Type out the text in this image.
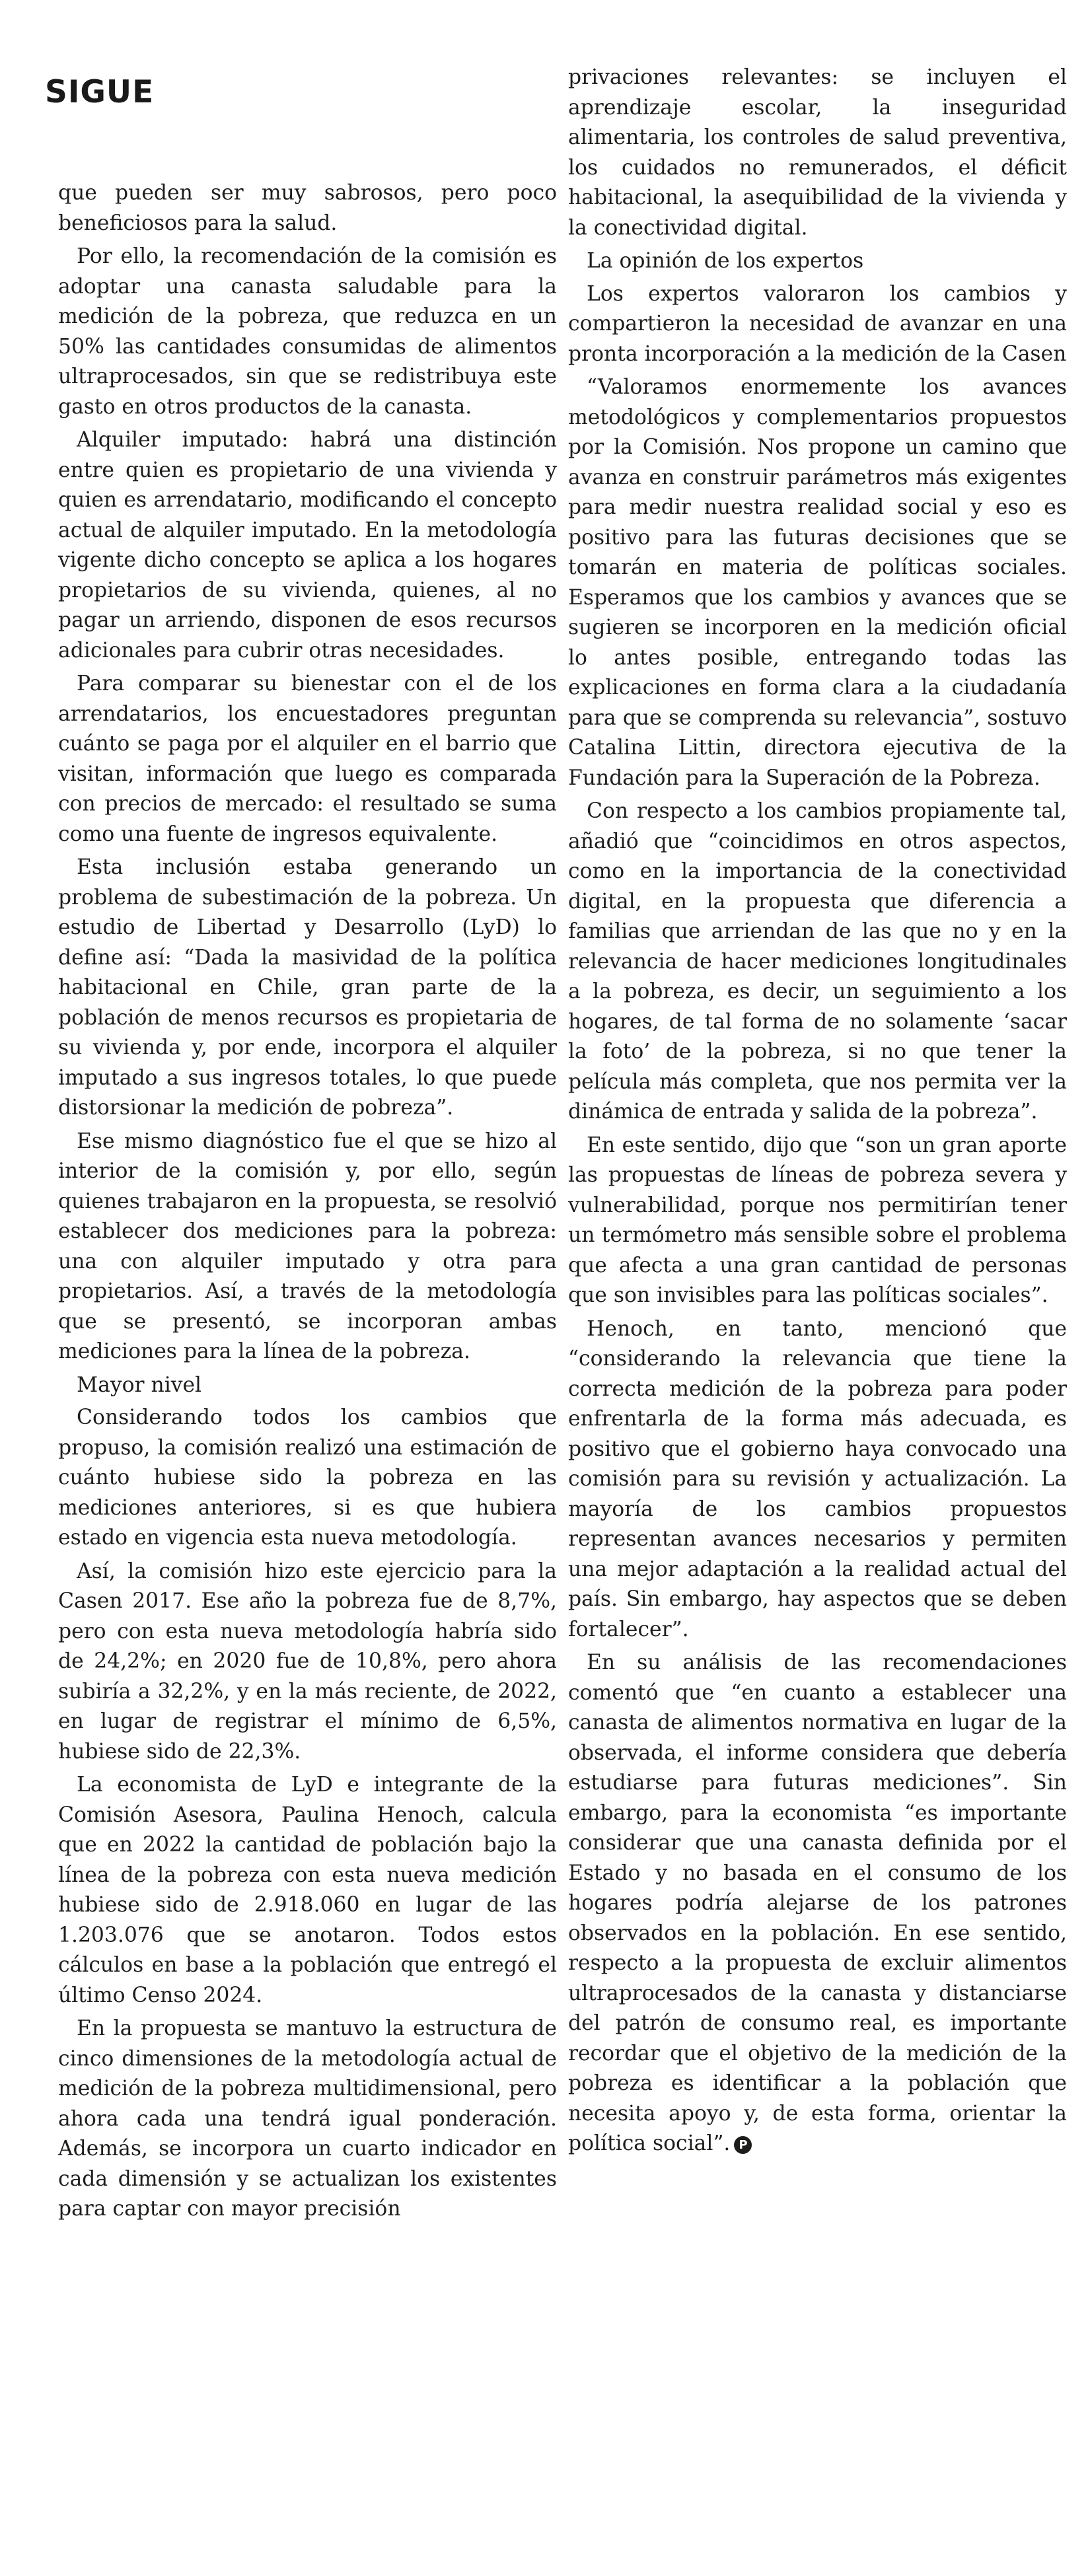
SIGUE

que pueden ser muy sabrosos, pero poco beneficiosos para la salud.

Por ello, la recomendación de la comisión es adoptar una canasta saludable para la medición de la pobreza, que reduzca en un 50% las cantidades consumidas de alimentos ultraprocesados, sin que se redistribuya este gasto en otros productos de la canasta.

Alquiler imputado: habrá una distinción entre quien es propietario de una vivienda y quien es arrendatario, modificando el concepto actual de alquiler imputado. En la metodología vigente dicho concepto se aplica a los hogares propietarios de su vivienda, quienes, al no pagar un arriendo, disponen de esos recursos adicionales para cubrir otras necesidades.

Para comparar su bienestar con el de los arrendatarios, los encuestadores preguntan cuánto se paga por el alquiler en el barrio que visitan, información que luego es comparada con precios de mercado: el resultado se suma como una fuente de ingresos equivalente.

Esta inclusión estaba generando un problema de subestimación de la pobreza. Un estudio de Libertad y Desarrollo (LyD) lo define así: “Dada la masividad de la política habitacional en Chile, gran parte de la población de menos recursos es propietaria de su vivienda y, por ende, incorpora el alquiler imputado a sus ingresos totales, lo que puede distorsionar la medición de pobreza”.

Ese mismo diagnóstico fue el que se hizo al interior de la comisión y, por ello, según quienes trabajaron en la propuesta, se resolvió establecer dos mediciones para la pobreza: una con alquiler imputado y otra para propietarios. Así, a través de la metodología que se presentó, se incorporan ambas mediciones para la línea de la pobreza.

Mayor nivel

Considerando todos los cambios que propuso, la comisión realizó una estimación de cuánto hubiese sido la pobreza en las mediciones anteriores, si es que hubiera estado en vigencia esta nueva metodología.

Así, la comisión hizo este ejercicio para la Casen 2017. Ese año la pobreza fue de 8,7%, pero con esta nueva metodología habría sido de 24,2%; en 2020 fue de 10,8%, pero ahora subiría a 32,2%, y en la más reciente, de 2022, en lugar de registrar el mínimo de 6,5%, hubiese sido de 22,3%.

La economista de LyD e integrante de la Comisión Asesora, Paulina Henoch, calcula que en 2022 la cantidad de población bajo la línea de la pobreza con esta nueva medición hubiese sido de 2.918.060 en lugar de las 1.203.076 que se anotaron. Todos estos cálculos en base a la población que entregó el último Censo 2024.

En la propuesta se mantuvo la estructura de cinco dimensiones de la metodología actual de medición de la pobreza multidimensional, pero ahora cada una tendrá igual ponderación. Además, se incorpora un cuarto indicador en cada dimensión y se actualizan los existentes para captar con mayor precisión

privaciones relevantes: se incluyen el aprendizaje escolar, la inseguridad alimentaria, los controles de salud preventiva, los cuidados no remunerados, el déficit habitacional, la asequibilidad de la vivienda y la conectividad digital.

La opinión de los expertos

Los expertos valoraron los cambios y compartieron la necesidad de avanzar en una pronta incorporación a la medición de la Casen

“Valoramos enormemente los avances metodológicos y complementarios propuestos por la Comisión. Nos propone un camino que avanza en construir parámetros más exigentes para medir nuestra realidad social y eso es positivo para las futuras decisiones que se tomarán en materia de políticas sociales. Esperamos que los cambios y avances que se sugieren se incorporen en la medición oficial lo antes posible, entregando todas las explicaciones en forma clara a la ciudadanía para que se comprenda su relevancia”, sostuvo Catalina Littin, directora ejecutiva de la Fundación para la Superación de la Pobreza.

Con respecto a los cambios propiamente tal, añadió que “coincidimos en otros aspectos, como en la importancia de la conectividad digital, en la propuesta que diferencia a familias que arriendan de las que no y en la relevancia de hacer mediciones longitudinales a la pobreza, es decir, un seguimiento a los hogares, de tal forma de no solamente ‘sacar la foto’ de la pobreza, si no que tener la película más completa, que nos permita ver la dinámica de entrada y salida de la pobreza”.

En este sentido, dijo que “son un gran aporte las propuestas de líneas de pobreza severa y vulnerabilidad, porque nos permitirían tener un termómetro más sensible sobre el problema que afecta a una gran cantidad de personas que son invisibles para las políticas sociales”.

Henoch, en tanto, mencionó que “considerando la relevancia que tiene la correcta medición de la pobreza para poder enfrentarla de la forma más adecuada, es positivo que el gobierno haya convocado una comisión para su revisión y actualización. La mayoría de los cambios propuestos representan avances necesarios y permiten una mejor adaptación a la realidad actual del país. Sin embargo, hay aspectos que se deben fortalecer”.

En su análisis de las recomendaciones comentó que “en cuanto a establecer una canasta de alimentos normativa en lugar de la observada, el informe considera que debería estudiarse para futuras mediciones”. Sin embargo, para la economista “es importante considerar que una canasta definida por el Estado y no basada en el consumo de los hogares podría alejarse de los patrones observados en la población. En ese sentido, respecto a la propuesta de excluir alimentos ultraprocesados de la canasta y distanciarse del patrón de consumo real, es importante recordar que el objetivo de la medición de la pobreza es identificar a la población que necesita apoyo y, de esta forma, orientar la política social”. P
